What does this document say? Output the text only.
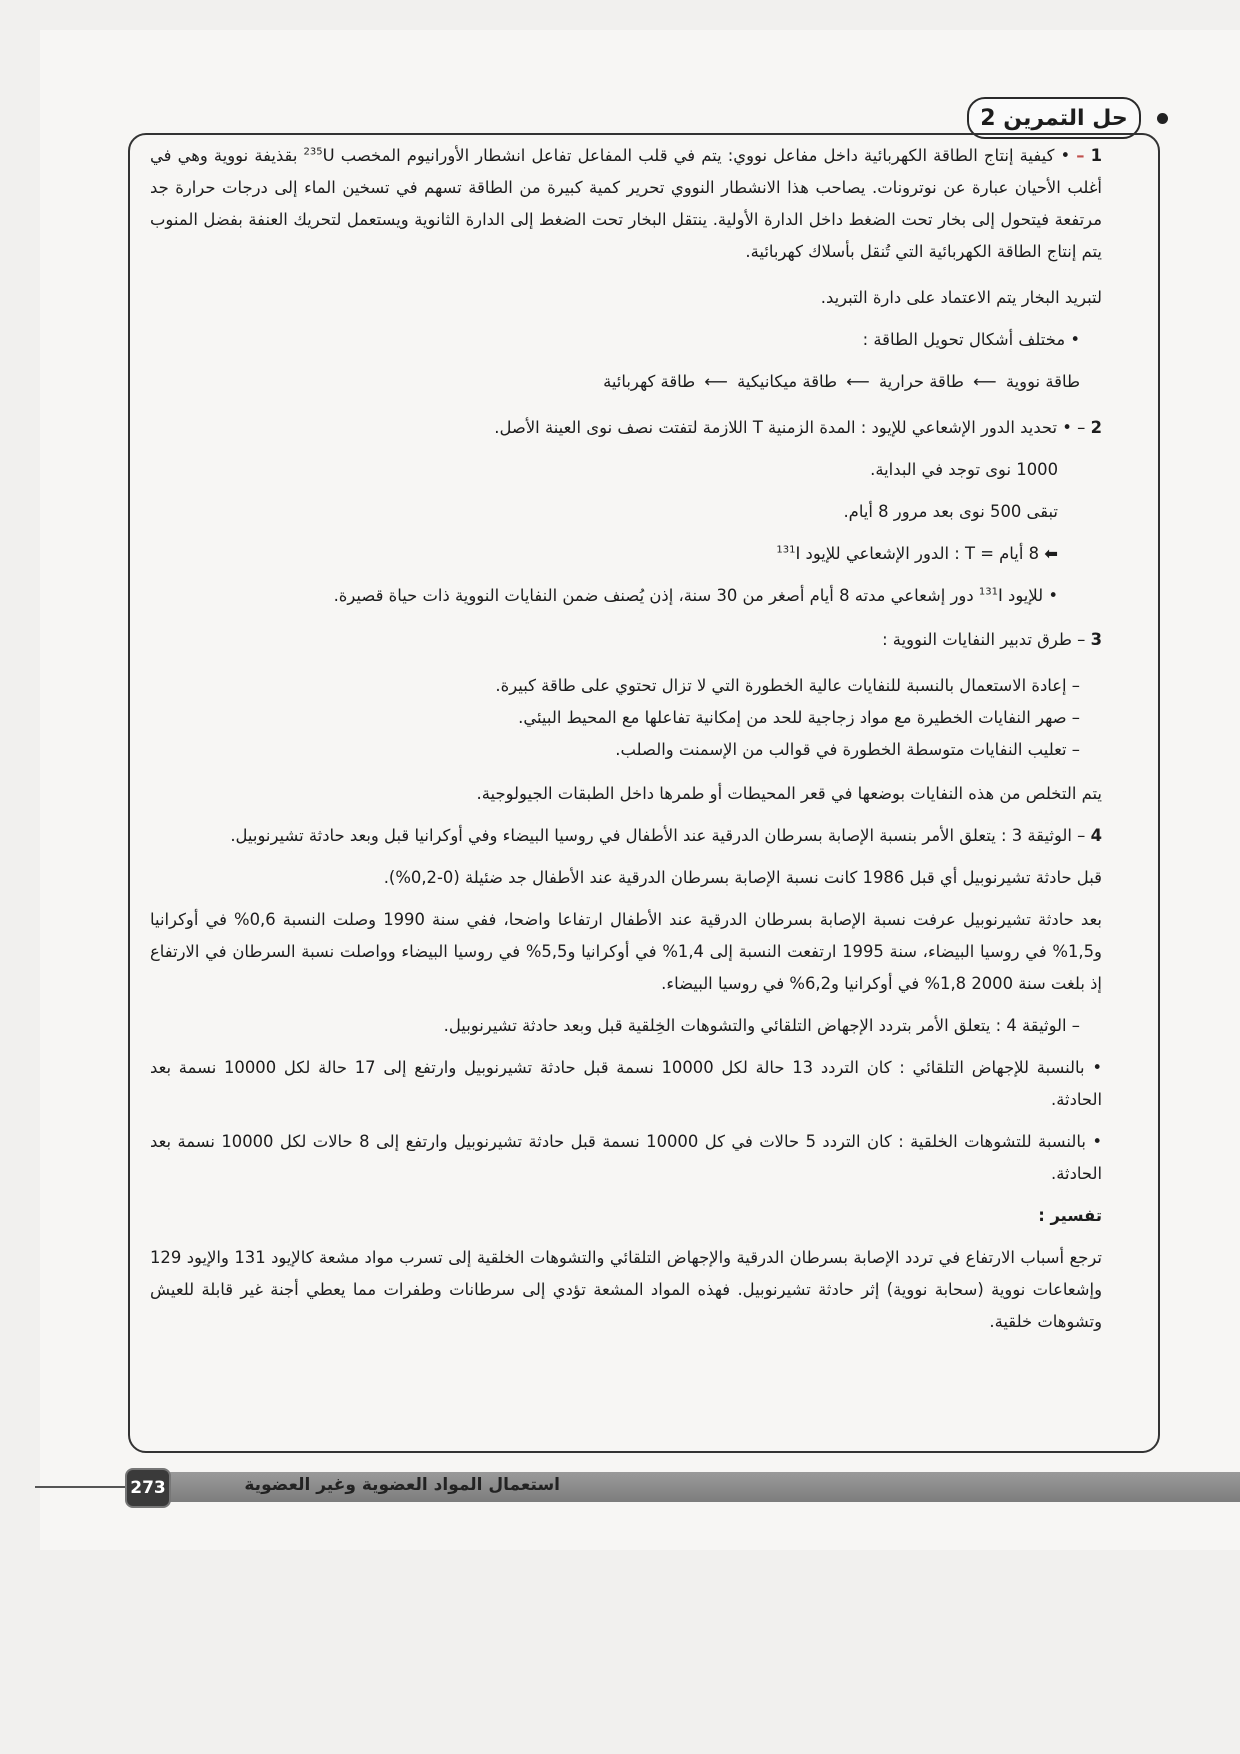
حل التمرين 2
1 – • كيفية إنتاج الطاقة الكهربائية داخل مفاعل نووي: يتم في قلب المفاعل تفاعل انشطار الأورانيوم المخصب $^{235}$U بقذيفة نووية وهي في أغلب الأحيان عبارة عن نوترونات. يصاحب هذا الانشطار النووي تحرير كمية كبيرة من الطاقة تسهم في تسخين الماء إلى درجات حرارة جد مرتفعة فيتحول إلى بخار تحت الضغط داخل الدارة الأولية. ينتقل البخار تحت الضغط إلى الدارة الثانوية ويستعمل لتحريك العنفة بفضل المنوب يتم إنتاج الطاقة الكهربائية التي تُنقل بأسلاك كهربائية.
لتبريد البخار يتم الاعتماد على دارة التبريد.
• مختلف أشكال تحويل الطاقة :
طاقة نووية ⟵ طاقة حرارية ⟵ طاقة ميكانيكية ⟵ طاقة كهربائية
2 – • تحديد الدور الإشعاعي للإيود : المدة الزمنية T اللازمة لتفتت نصف نوى العينة الأصل.
1000 نوى توجد في البداية.
تبقى 500 نوى بعد مرور 8 أيام.
⬅ 8 أيام = T : الدور الإشعاعي للإيود $^{131}$I
• للإيود $^{131}$I دور إشعاعي مدته 8 أيام أصغر من 30 سنة، إذن يُصنف ضمن النفايات النووية ذات حياة قصيرة.
3 – طرق تدبير النفايات النووية :
– إعادة الاستعمال بالنسبة للنفايات عالية الخطورة التي لا تزال تحتوي على طاقة كبيرة.
– صهر النفايات الخطيرة مع مواد زجاجية للحد من إمكانية تفاعلها مع المحيط البيئي.
– تعليب النفايات متوسطة الخطورة في قوالب من الإسمنت والصلب.
يتم التخلص من هذه النفايات بوضعها في قعر المحيطات أو طمرها داخل الطبقات الجيولوجية.
4 – الوثيقة 3 : يتعلق الأمر بنسبة الإصابة بسرطان الدرقية عند الأطفال في روسيا البيضاء وفي أوكرانيا قبل وبعد حادثة تشيرنوبيل.
قبل حادثة تشيرنوبيل أي قبل 1986 كانت نسبة الإصابة بسرطان الدرقية عند الأطفال جد ضئيلة (0-0,2%).
بعد حادثة تشيرنوبيل عرفت نسبة الإصابة بسرطان الدرقية عند الأطفال ارتفاعا واضحا، ففي سنة 1990 وصلت النسبة 0,6% في أوكرانيا و1,5% في روسيا البيضاء، سنة 1995 ارتفعت النسبة إلى 1,4% في أوكرانيا و5,5% في روسيا البيضاء وواصلت نسبة السرطان في الارتفاع إذ بلغت سنة 2000 1,8% في أوكرانيا و6,2% في روسيا البيضاء.
– الوثيقة 4 : يتعلق الأمر بتردد الإجهاض التلقائي والتشوهات الخِلقية قبل وبعد حادثة تشيرنوبيل.
• بالنسبة للإجهاض التلقائي : كان التردد 13 حالة لكل 10000 نسمة قبل حادثة تشيرنوبيل وارتفع إلى 17 حالة لكل 10000 نسمة بعد الحادثة.
• بالنسبة للتشوهات الخلقية : كان التردد 5 حالات في كل 10000 نسمة قبل حادثة تشيرنوبيل وارتفع إلى 8 حالات لكل 10000 نسمة بعد الحادثة.
تفسير :
ترجع أسباب الارتفاع في تردد الإصابة بسرطان الدرقية والإجهاض التلقائي والتشوهات الخلقية إلى تسرب مواد مشعة كالإيود 131 والإيود 129 وإشعاعات نووية (سحابة نووية) إثر حادثة تشيرنوبيل. فهذه المواد المشعة تؤدي إلى سرطانات وطفرات مما يعطي أجنة غير قابلة للعيش وتشوهات خلقية.
استعمال المواد العضوية وغير العضوية
273
